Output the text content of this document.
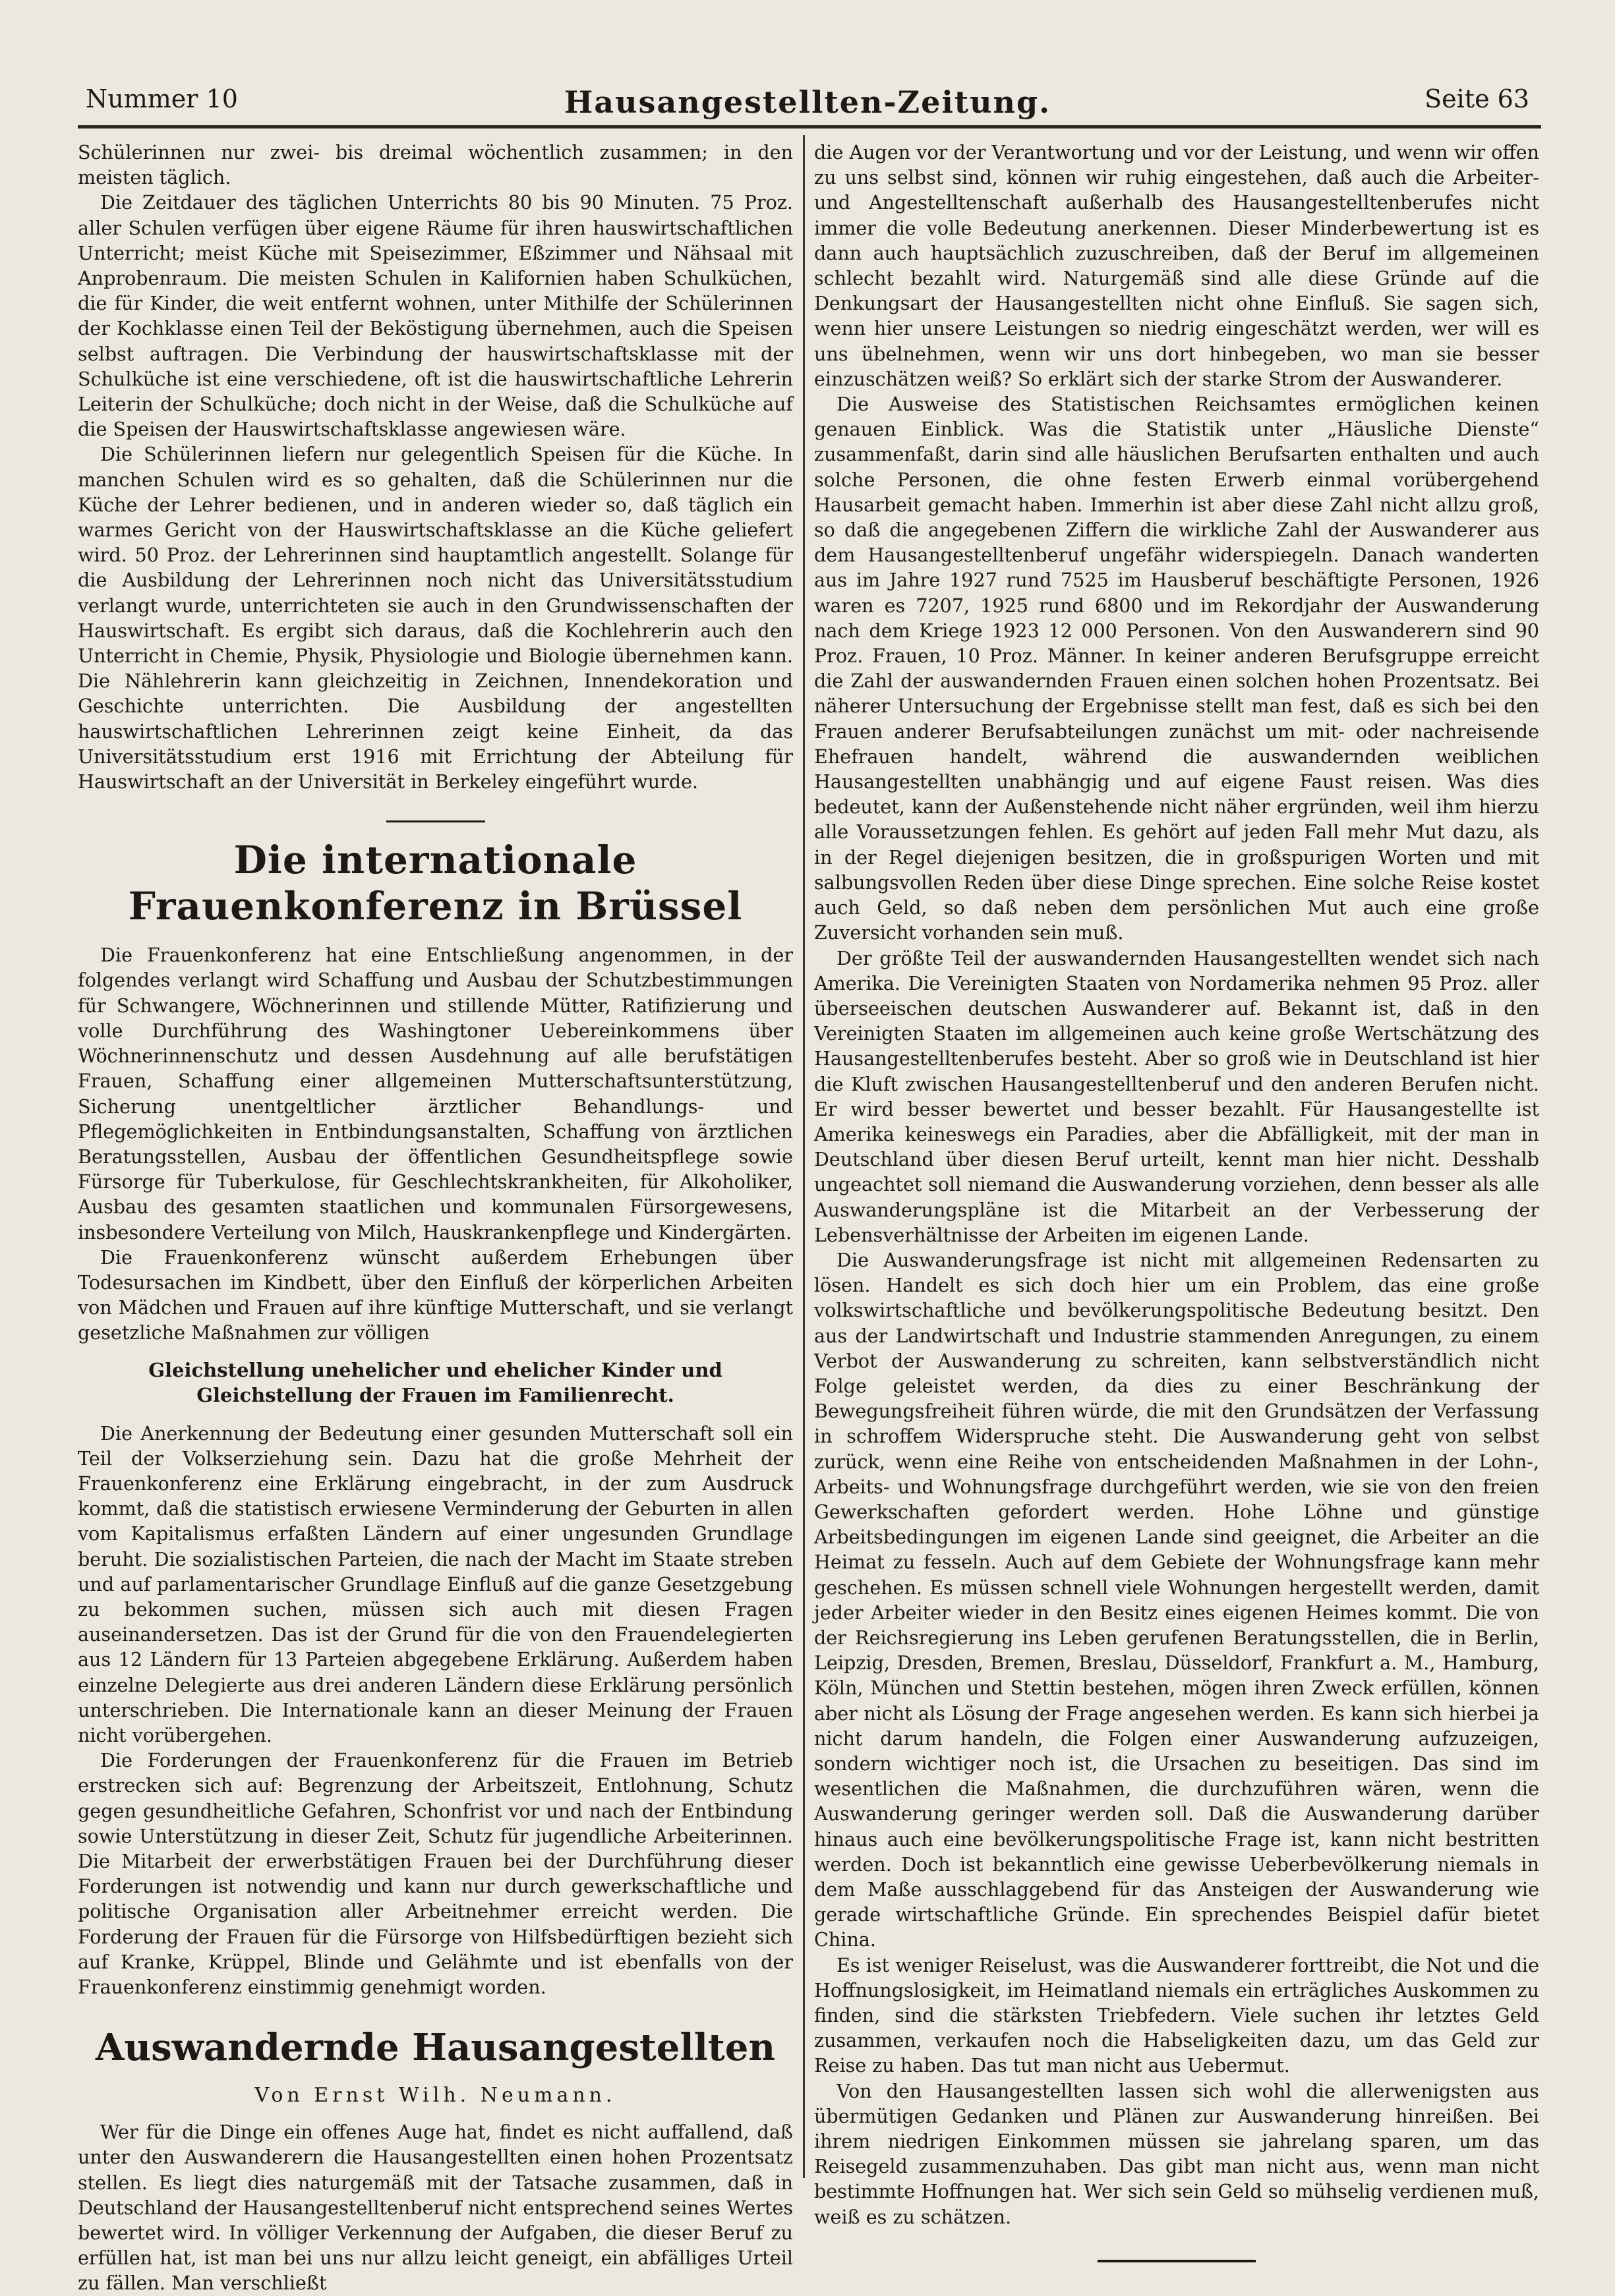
Nummer 10	Hausangestellten-Zeitung.	Seite 63

Schülerinnen nur zwei- bis dreimal wöchentlich zusammen; in den meisten täglich.

Die Zeitdauer des täglichen Unterrichts 80 bis 90 Minuten. 75 Proz. aller Schulen verfügen über eigene Räume für ihren hauswirtschaftlichen Unterricht; meist Küche mit Speisezimmer, Eßzimmer und Nähsaal mit Anprobenraum. Die meisten Schulen in Kalifornien haben Schulküchen, die für Kinder, die weit entfernt wohnen, unter Mithilfe der Schülerinnen der Kochklasse einen Teil der Beköstigung übernehmen, auch die Speisen selbst auftragen. Die Verbindung der hauswirtschaftsklasse mit der Schulküche ist eine verschiedene, oft ist die hauswirtschaftliche Lehrerin Leiterin der Schulküche; doch nicht in der Weise, daß die Schulküche auf die Speisen der Hauswirtschaftsklasse angewiesen wäre.

Die Schülerinnen liefern nur gelegentlich Speisen für die Küche. In manchen Schulen wird es so gehalten, daß die Schülerinnen nur die Küche der Lehrer bedienen, und in anderen wieder so, daß täglich ein warmes Gericht von der Hauswirtschaftsklasse an die Küche geliefert wird. 50 Proz. der Lehrerinnen sind hauptamtlich angestellt. Solange für die Ausbildung der Lehrerinnen noch nicht das Universitätsstudium verlangt wurde, unterrichteten sie auch in den Grundwissenschaften der Hauswirtschaft. Es ergibt sich daraus, daß die Kochlehrerin auch den Unterricht in Chemie, Physik, Physiologie und Biologie übernehmen kann. Die Nählehrerin kann gleichzeitig in Zeichnen, Innendekoration und Geschichte unterrichten. Die Ausbildung der angestellten hauswirtschaftlichen Lehrerinnen zeigt keine Einheit, da das Universitätsstudium erst 1916 mit Errichtung der Abteilung für Hauswirtschaft an der Universität in Berkeley eingeführt wurde.

Die internationale Frauenkonferenz in Brüssel

Die Frauenkonferenz hat eine Entschließung angenommen, in der folgendes verlangt wird Schaffung und Ausbau der Schutzbestimmungen für Schwangere, Wöchnerinnen und stillende Mütter, Ratifizierung und volle Durchführung des Washingtoner Uebereinkommens über Wöchnerinnenschutz und dessen Ausdehnung auf alle berufstätigen Frauen, Schaffung einer allgemeinen Mutterschaftsunterstützung, Sicherung unentgeltlicher ärztlicher Behandlungs- und Pflegemöglichkeiten in Entbindungsanstalten, Schaffung von ärztlichen Beratungsstellen, Ausbau der öffentlichen Gesundheitspflege sowie Fürsorge für Tuberkulose, für Geschlechtskrankheiten, für Alkoholiker, Ausbau des gesamten staatlichen und kommunalen Fürsorgewesens, insbesondere Verteilung von Milch, Hauskrankenpflege und Kindergärten.

Die Frauenkonferenz wünscht außerdem Erhebungen über Todesursachen im Kindbett, über den Einfluß der körperlichen Arbeiten von Mädchen und Frauen auf ihre künftige Mutterschaft, und sie verlangt gesetzliche Maßnahmen zur völligen

Gleichstellung unehelicher und ehelicher Kinder und Gleichstellung der Frauen im Familienrecht.

Die Anerkennung der Bedeutung einer gesunden Mutterschaft soll ein Teil der Volkserziehung sein. Dazu hat die große Mehrheit der Frauenkonferenz eine Erklärung eingebracht, in der zum Ausdruck kommt, daß die statistisch erwiesene Verminderung der Geburten in allen vom Kapitalismus erfaßten Ländern auf einer ungesunden Grundlage beruht. Die sozialistischen Parteien, die nach der Macht im Staate streben und auf parlamentarischer Grundlage Einfluß auf die ganze Gesetzgebung zu bekommen suchen, müssen sich auch mit diesen Fragen auseinandersetzen. Das ist der Grund für die von den Frauendelegierten aus 12 Ländern für 13 Parteien abgegebene Erklärung. Außerdem haben einzelne Delegierte aus drei anderen Ländern diese Erklärung persönlich unterschrieben. Die Internationale kann an dieser Meinung der Frauen nicht vorübergehen.

Die Forderungen der Frauenkonferenz für die Frauen im Betrieb erstrecken sich auf: Begrenzung der Arbeitszeit, Entlohnung, Schutz gegen gesundheitliche Gefahren, Schonfrist vor und nach der Entbindung sowie Unterstützung in dieser Zeit, Schutz für jugendliche Arbeiterinnen. Die Mitarbeit der erwerbstätigen Frauen bei der Durchführung dieser Forderungen ist notwendig und kann nur durch gewerkschaftliche und politische Organisation aller Arbeitnehmer erreicht werden. Die Forderung der Frauen für die Fürsorge von Hilfsbedürftigen bezieht sich auf Kranke, Krüppel, Blinde und Gelähmte und ist ebenfalls von der Frauenkonferenz einstimmig genehmigt worden.

Auswandernde Hausangestellten
Von Ernst Wilh. Neumann.

Wer für die Dinge ein offenes Auge hat, findet es nicht auffallend, daß unter den Auswanderern die Hausangestellten einen hohen Prozentsatz stellen. Es liegt dies naturgemäß mit der Tatsache zusammen, daß in Deutschland der Hausangestelltenberuf nicht entsprechend seines Wertes bewertet wird. In völliger Verkennung der Aufgaben, die dieser Beruf zu erfüllen hat, ist man bei uns nur allzu leicht geneigt, ein abfälliges Urteil zu fällen. Man verschließt

die Augen vor der Verantwortung und vor der Leistung, und wenn wir offen zu uns selbst sind, können wir ruhig eingestehen, daß auch die Arbeiter- und Angestelltenschaft außerhalb des Hausangestelltenberufes nicht immer die volle Bedeutung anerkennen. Dieser Minderbewertung ist es dann auch hauptsächlich zuzuschreiben, daß der Beruf im allgemeinen schlecht bezahlt wird. Naturgemäß sind alle diese Gründe auf die Denkungsart der Hausangestellten nicht ohne Einfluß. Sie sagen sich, wenn hier unsere Leistungen so niedrig eingeschätzt werden, wer will es uns übelnehmen, wenn wir uns dort hinbegeben, wo man sie besser einzuschätzen weiß? So erklärt sich der starke Strom der Auswanderer.

Die Ausweise des Statistischen Reichsamtes ermöglichen keinen genauen Einblick. Was die Statistik unter „Häusliche Dienste“ zusammenfaßt, darin sind alle häuslichen Berufsarten enthalten und auch solche Personen, die ohne festen Erwerb einmal vorübergehend Hausarbeit gemacht haben. Immerhin ist aber diese Zahl nicht allzu groß, so daß die angegebenen Ziffern die wirkliche Zahl der Auswanderer aus dem Hausangestelltenberuf ungefähr widerspiegeln. Danach wanderten aus im Jahre 1927 rund 7525 im Hausberuf beschäftigte Personen, 1926 waren es 7207, 1925 rund 6800 und im Rekordjahr der Auswanderung nach dem Kriege 1923 12 000 Personen. Von den Auswanderern sind 90 Proz. Frauen, 10 Proz. Männer. In keiner anderen Berufsgruppe erreicht die Zahl der auswandernden Frauen einen solchen hohen Prozentsatz. Bei näherer Untersuchung der Ergebnisse stellt man fest, daß es sich bei den Frauen anderer Berufsabteilungen zunächst um mit- oder nachreisende Ehefrauen handelt, während die auswandernden weiblichen Hausangestellten unabhängig und auf eigene Faust reisen. Was dies bedeutet, kann der Außenstehende nicht näher ergründen, weil ihm hierzu alle Voraussetzungen fehlen. Es gehört auf jeden Fall mehr Mut dazu, als in der Regel diejenigen besitzen, die in großspurigen Worten und mit salbungsvollen Reden über diese Dinge sprechen. Eine solche Reise kostet auch Geld, so daß neben dem persönlichen Mut auch eine große Zuversicht vorhanden sein muß.

Der größte Teil der auswandernden Hausangestellten wendet sich nach Amerika. Die Vereinigten Staaten von Nordamerika nehmen 95 Proz. aller überseeischen deutschen Auswanderer auf. Bekannt ist, daß in den Vereinigten Staaten im allgemeinen auch keine große Wertschätzung des Hausangestelltenberufes besteht. Aber so groß wie in Deutschland ist hier die Kluft zwischen Hausangestelltenberuf und den anderen Berufen nicht. Er wird besser bewertet und besser bezahlt. Für Hausangestellte ist Amerika keineswegs ein Paradies, aber die Abfälligkeit, mit der man in Deutschland über diesen Beruf urteilt, kennt man hier nicht. Desshalb ungeachtet soll niemand die Auswanderung vorziehen, denn besser als alle Auswanderungspläne ist die Mitarbeit an der Verbesserung der Lebensverhältnisse der Arbeiten im eigenen Lande.

Die Auswanderungsfrage ist nicht mit allgemeinen Redensarten zu lösen. Handelt es sich doch hier um ein Problem, das eine große volkswirtschaftliche und bevölkerungspolitische Bedeutung besitzt. Den aus der Landwirtschaft und Industrie stammenden Anregungen, zu einem Verbot der Auswanderung zu schreiten, kann selbstverständlich nicht Folge geleistet werden, da dies zu einer Beschränkung der Bewegungsfreiheit führen würde, die mit den Grundsätzen der Verfassung in schroffem Widerspruche steht. Die Auswanderung geht von selbst zurück, wenn eine Reihe von entscheidenden Maßnahmen in der Lohn-, Arbeits- und Wohnungsfrage durchgeführt werden, wie sie von den freien Gewerkschaften gefordert werden. Hohe Löhne und günstige Arbeitsbedingungen im eigenen Lande sind geeignet, die Arbeiter an die Heimat zu fesseln. Auch auf dem Gebiete der Wohnungsfrage kann mehr geschehen. Es müssen schnell viele Wohnungen hergestellt werden, damit jeder Arbeiter wieder in den Besitz eines eigenen Heimes kommt. Die von der Reichsregierung ins Leben gerufenen Beratungsstellen, die in Berlin, Leipzig, Dresden, Bremen, Breslau, Düsseldorf, Frankfurt a. M., Hamburg, Köln, München und Stettin bestehen, mögen ihren Zweck erfüllen, können aber nicht als Lösung der Frage angesehen werden. Es kann sich hierbei ja nicht darum handeln, die Folgen einer Auswanderung aufzuzeigen, sondern wichtiger noch ist, die Ursachen zu beseitigen. Das sind im wesentlichen die Maßnahmen, die durchzuführen wären, wenn die Auswanderung geringer werden soll. Daß die Auswanderung darüber hinaus auch eine bevölkerungspolitische Frage ist, kann nicht bestritten werden. Doch ist bekanntlich eine gewisse Ueberbevölkerung niemals in dem Maße ausschlaggebend für das Ansteigen der Auswanderung wie gerade wirtschaftliche Gründe. Ein sprechendes Beispiel dafür bietet China.

Es ist weniger Reiselust, was die Auswanderer forttreibt, die Not und die Hoffnungslosigkeit, im Heimatland niemals ein erträgliches Auskommen zu finden, sind die stärksten Triebfedern. Viele suchen ihr letztes Geld zusammen, verkaufen noch die Habseligkeiten dazu, um das Geld zur Reise zu haben. Das tut man nicht aus Uebermut.

Von den Hausangestellten lassen sich wohl die allerwenigsten aus übermütigen Gedanken und Plänen zur Auswanderung hinreißen. Bei ihrem niedrigen Einkommen müssen sie jahrelang sparen, um das Reisegeld zusammenzuhaben. Das gibt man nicht aus, wenn man nicht bestimmte Hoffnungen hat. Wer sich sein Geld so mühselig verdienen muß, weiß es zu schätzen.
